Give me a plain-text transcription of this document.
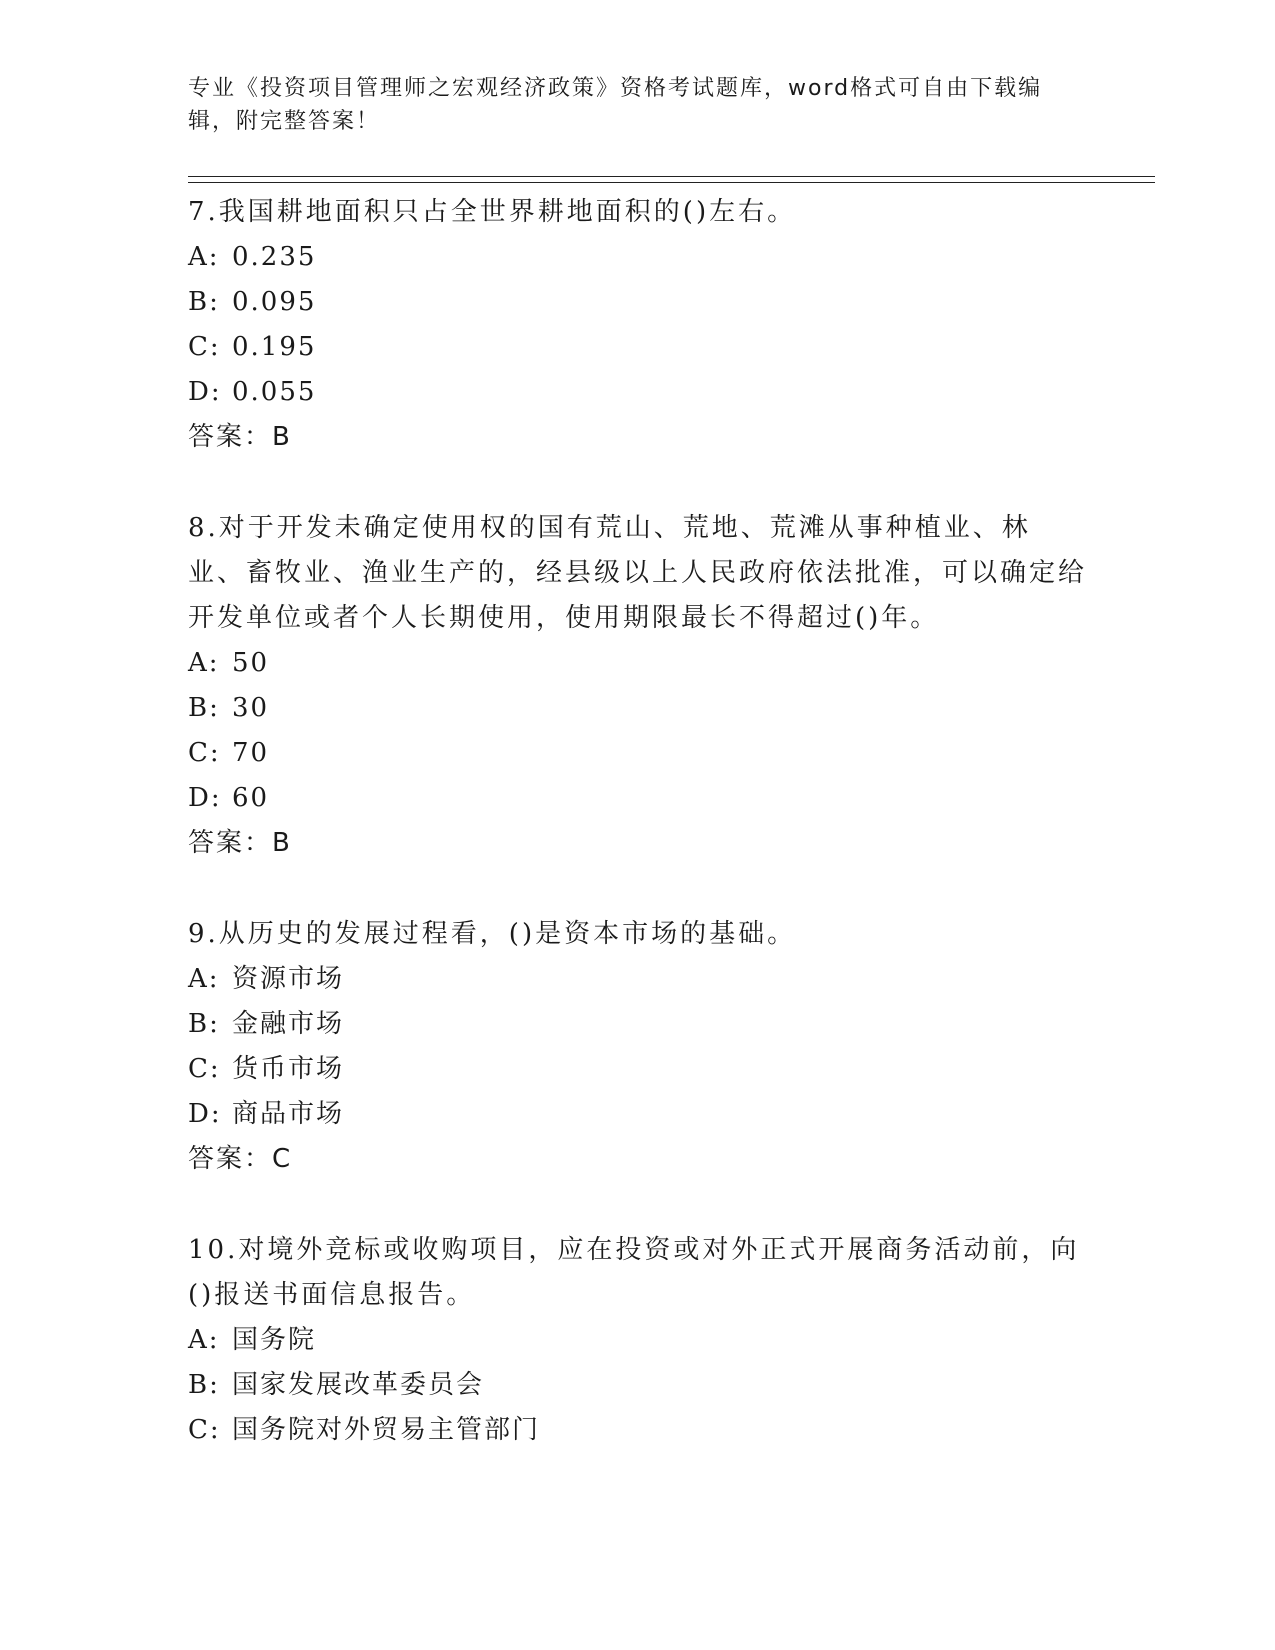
专业《投资项目管理师之宏观经济政策》资格考试题库，word格式可自由下载编辑，附完整答案！

7.我国耕地面积只占全世界耕地面积的()左右。

A: 0.235

B: 0.095

C: 0.195

D: 0.055

答案：B

8.对于开发未确定使用权的国有荒山、荒地、荒滩从事种植业、林业、畜牧业、渔业生产的，经县级以上人民政府依法批准，可以确定给开发单位或者个人长期使用，使用期限最长不得超过()年。

A: 50

B: 30

C: 70

D: 60

答案：B

9.从历史的发展过程看，()是资本市场的基础。

A: 资源市场

B: 金融市场

C: 货币市场

D: 商品市场

答案：C

10.对境外竞标或收购项目，应在投资或对外正式开展商务活动前，向()报送书面信息报告。

A: 国务院

B: 国家发展改革委员会

C: 国务院对外贸易主管部门
